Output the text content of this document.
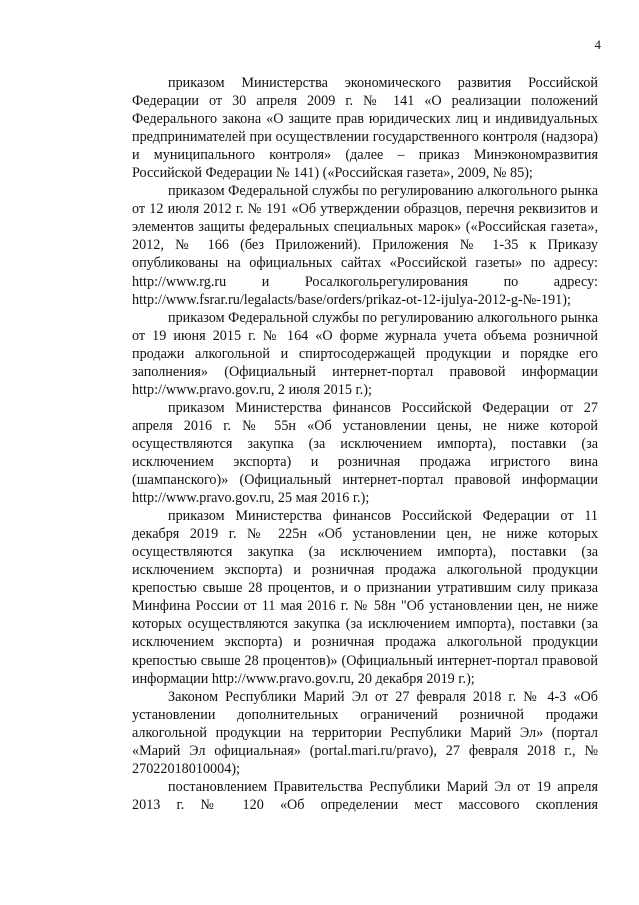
4

приказом Министерства экономического развития Российской Федерации от 30 апреля 2009 г. № 141 «О реализации положений Федерального закона «О защите прав юридических лиц и индивидуальных предпринимателей при осуществлении государственного контроля (надзора) и муниципального контроля» (далее – приказ Минэкономразвития Российской Федерации № 141) («Российская газета», 2009, № 85);

приказом Федеральной службы по регулированию алкогольного рынка от 12 июля 2012 г. № 191 «Об утверждении образцов, перечня реквизитов и элементов защиты федеральных специальных марок» («Российская газета», 2012, № 166 (без Приложений). Приложения № 1-35 к Приказу опубликованы на официальных сайтах «Российской газеты» по адресу: http://www.rg.ru и Росалкогольрегулирования по адресу: http://www.fsrar.ru/legalacts/base/orders/prikaz-ot-12-ijulya-2012-g-№-191);

приказом Федеральной службы по регулированию алкогольного рынка от 19 июня 2015 г. № 164 «О форме журнала учета объема розничной продажи алкогольной и спиртосодержащей продукции и порядке его заполнения» (Официальный интернет-портал правовой информации http://www.pravo.gov.ru, 2 июля 2015 г.);

приказом Министерства финансов Российской Федерации от 27 апреля 2016 г. № 55н «Об установлении цены, не ниже которой осуществляются закупка (за исключением импорта), поставки (за исключением экспорта) и розничная продажа игристого вина (шампанского)» (Официальный интернет-портал правовой информации http://www.pravo.gov.ru, 25 мая 2016 г.);

приказом Министерства финансов Российской Федерации от 11 декабря 2019 г. № 225н «Об установлении цен, не ниже которых осуществляются закупка (за исключением импорта), поставки (за исключением экспорта) и розничная продажа алкогольной продукции крепостью свыше 28 процентов, и о признании утратившим силу приказа Минфина России от 11 мая 2016 г. № 58н "Об установлении цен, не ниже которых осуществляются закупка (за исключением импорта), поставки (за исключением экспорта) и розничная продажа алкогольной продукции крепостью свыше 28 процентов)» (Официальный интернет-портал правовой информации http://www.pravo.gov.ru, 20 декабря 2019 г.);

Законом Республики Марий Эл от 27 февраля 2018 г. № 4-З «Об установлении дополнительных ограничений розничной продажи алкогольной продукции на территории Республики Марий Эл» (портал «Марий Эл официальная» (portal.mari.ru/pravo), 27 февраля 2018 г., № 27022018010004);

постановлением Правительства Республики Марий Эл от 19 апреля 2013 г. № 120 «Об определении мест массового скопления
